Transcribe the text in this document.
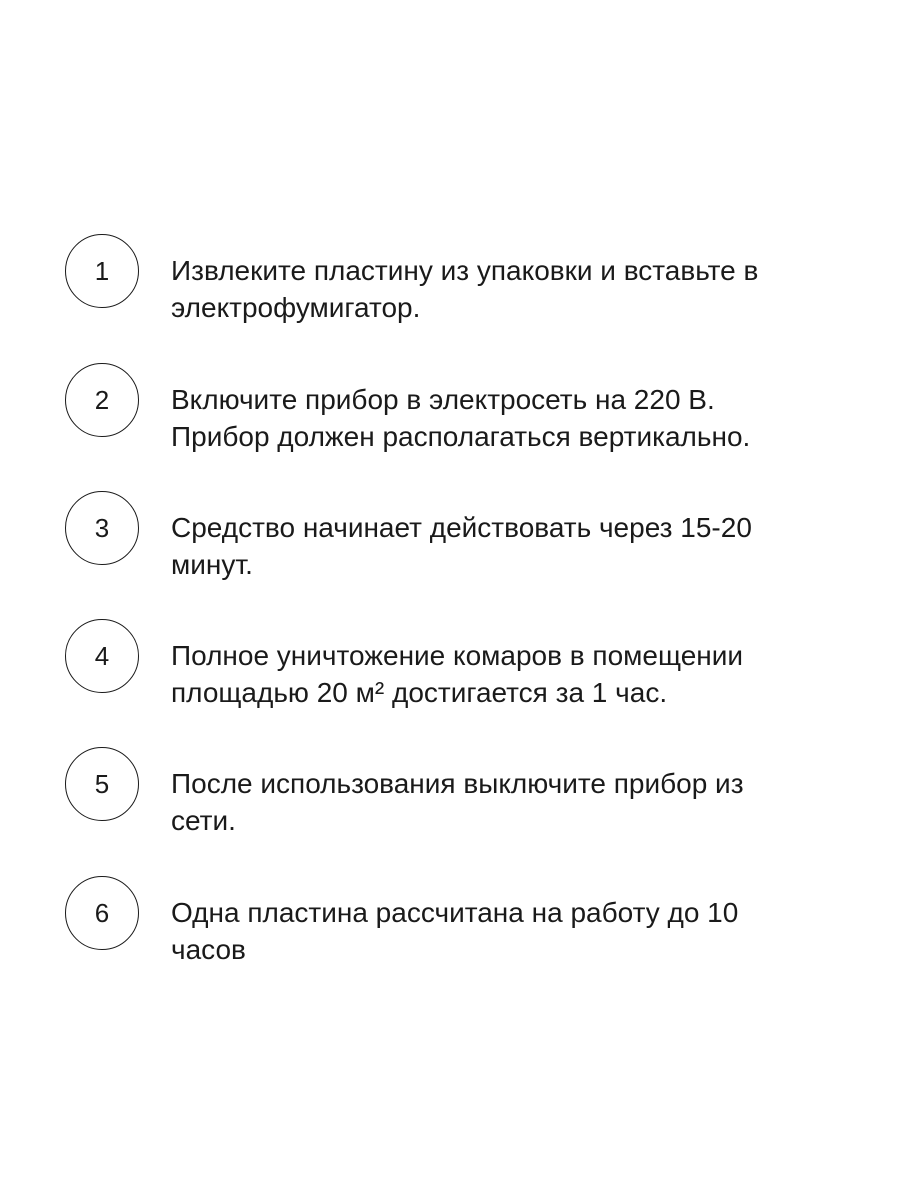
1	Извлеките пластину из упаковки и вставьте в
электрофумигатор.
2	Включите прибор в электросеть на 220 В.
Прибор должен располагаться вертикально.
3	Средство начинает действовать через 15-20
минут.
4	Полное уничтожение комаров в помещении
площадью 20 м² достигается за 1 час.
5	После использования выключите прибор из
сети.
6	Одна пластина рассчитана на работу до 10
часов
